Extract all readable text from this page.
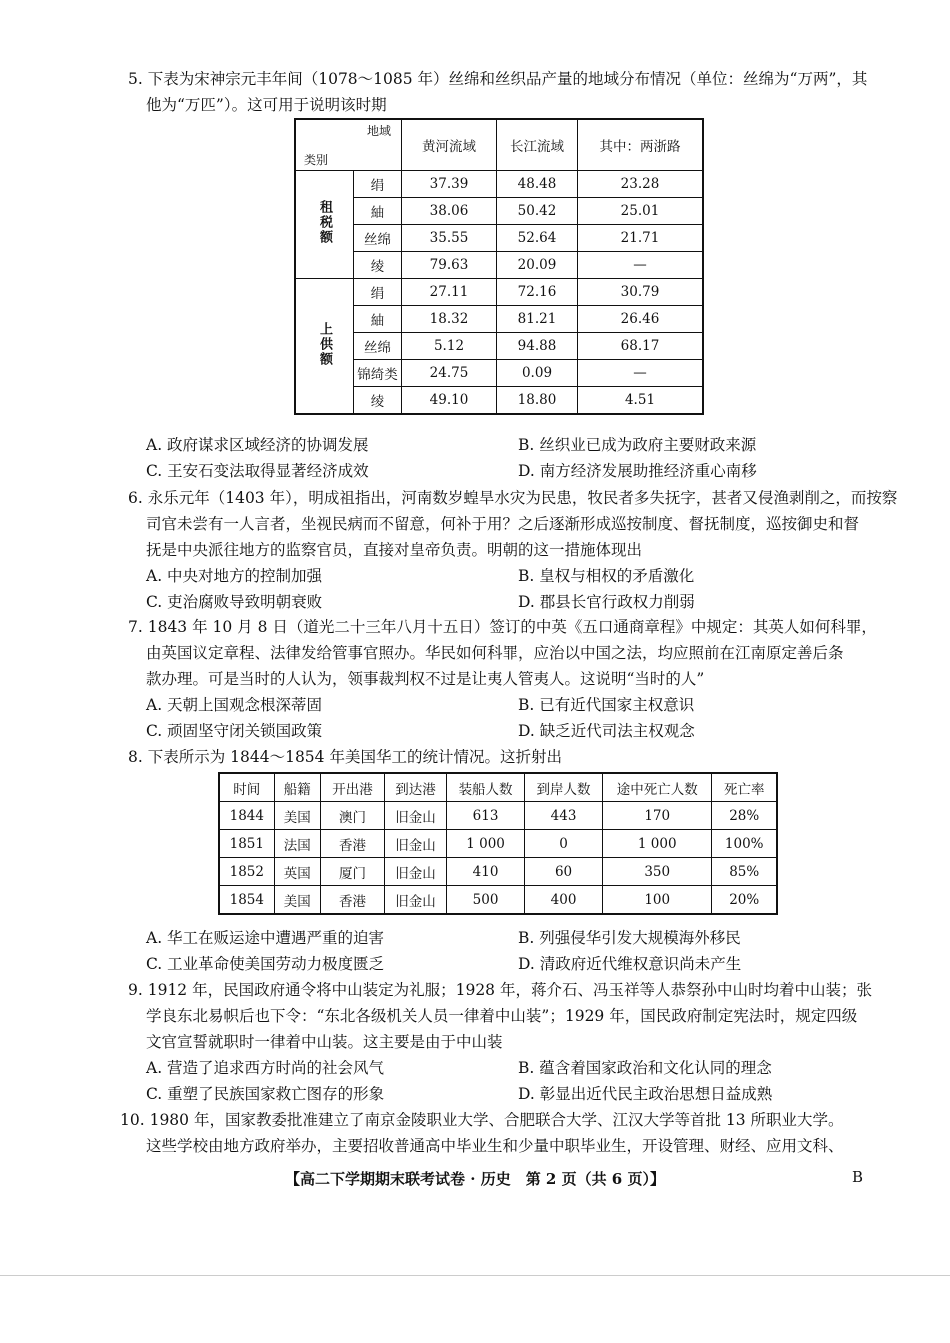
5. 下表为宋神宗元丰年间（1078～1085 年）丝绵和丝织品产量的地域分布情况（单位：丝绵为“万两”，其
他为“万匹”）。这可用于说明该时期
地域
类别		黄河流域	长江流域	其中：两浙路
租税额	绢	37.39	48.48	23.28
	紬	38.06	50.42	25.01
	丝绵	35.55	52.64	21.71
	绫	79.63	20.09	—
上供额	绢	27.11	72.16	30.79
	紬	18.32	81.21	26.46
	丝绵	5.12	94.88	68.17
	锦绮类	24.75	0.09	—
	绫	49.10	18.80	4.51
A. 政府谋求区域经济的协调发展	B. 丝织业已成为政府主要财政来源
C. 王安石变法取得显著经济成效	D. 南方经济发展助推经济重心南移
6. 永乐元年（1403 年），明成祖指出，河南数岁蝗旱水灾为民患，牧民者多失抚字，甚者又侵渔剥削之，而按察
司官未尝有一人言者，坐视民病而不留意，何补于用？之后逐渐形成巡按制度、督抚制度，巡按御史和督
抚是中央派往地方的监察官员，直接对皇帝负责。明朝的这一措施体现出
A. 中央对地方的控制加强	B. 皇权与相权的矛盾激化
C. 吏治腐败导致明朝衰败	D. 郡县长官行政权力削弱
7. 1843 年 10 月 8 日（道光二十三年八月十五日）签订的中英《五口通商章程》中规定：其英人如何科罪，
由英国议定章程、法律发给管事官照办。华民如何科罪，应治以中国之法，均应照前在江南原定善后条
款办理。可是当时的人认为，领事裁判权不过是让夷人管夷人。这说明“当时的人”
A. 天朝上国观念根深蒂固	B. 已有近代国家主权意识
C. 顽固坚守闭关锁国政策	D. 缺乏近代司法主权观念
8. 下表所示为 1844～1854 年美国华工的统计情况。这折射出
时间	船籍	开出港	到达港	装船人数	到岸人数	途中死亡人数	死亡率
1844	美国	澳门	旧金山	613	443	170	28%
1851	法国	香港	旧金山	1 000	0	1 000	100%
1852	英国	厦门	旧金山	410	60	350	85%
1854	美国	香港	旧金山	500	400	100	20%
A. 华工在贩运途中遭遇严重的迫害	B. 列强侵华引发大规模海外移民
C. 工业革命使美国劳动力极度匮乏	D. 清政府近代维权意识尚未产生
9. 1912 年，民国政府通令将中山装定为礼服；1928 年，蒋介石、冯玉祥等人恭祭孙中山时均着中山装；张
学良东北易帜后也下令：“东北各级机关人员一律着中山装”；1929 年，国民政府制定宪法时，规定四级
文官宣誓就职时一律着中山装。这主要是由于中山装
A. 营造了追求西方时尚的社会风气	B. 蕴含着国家政治和文化认同的理念
C. 重塑了民族国家救亡图存的形象	D. 彰显出近代民主政治思想日益成熟
10. 1980 年，国家教委批准建立了南京金陵职业大学、合肥联合大学、江汉大学等首批 13 所职业大学。
这些学校由地方政府举办，主要招收普通高中毕业生和少量中职毕业生，开设管理、财经、应用文科、
【高二下学期期末联考试卷 · 历史　第 2 页（共 6 页）】	B
